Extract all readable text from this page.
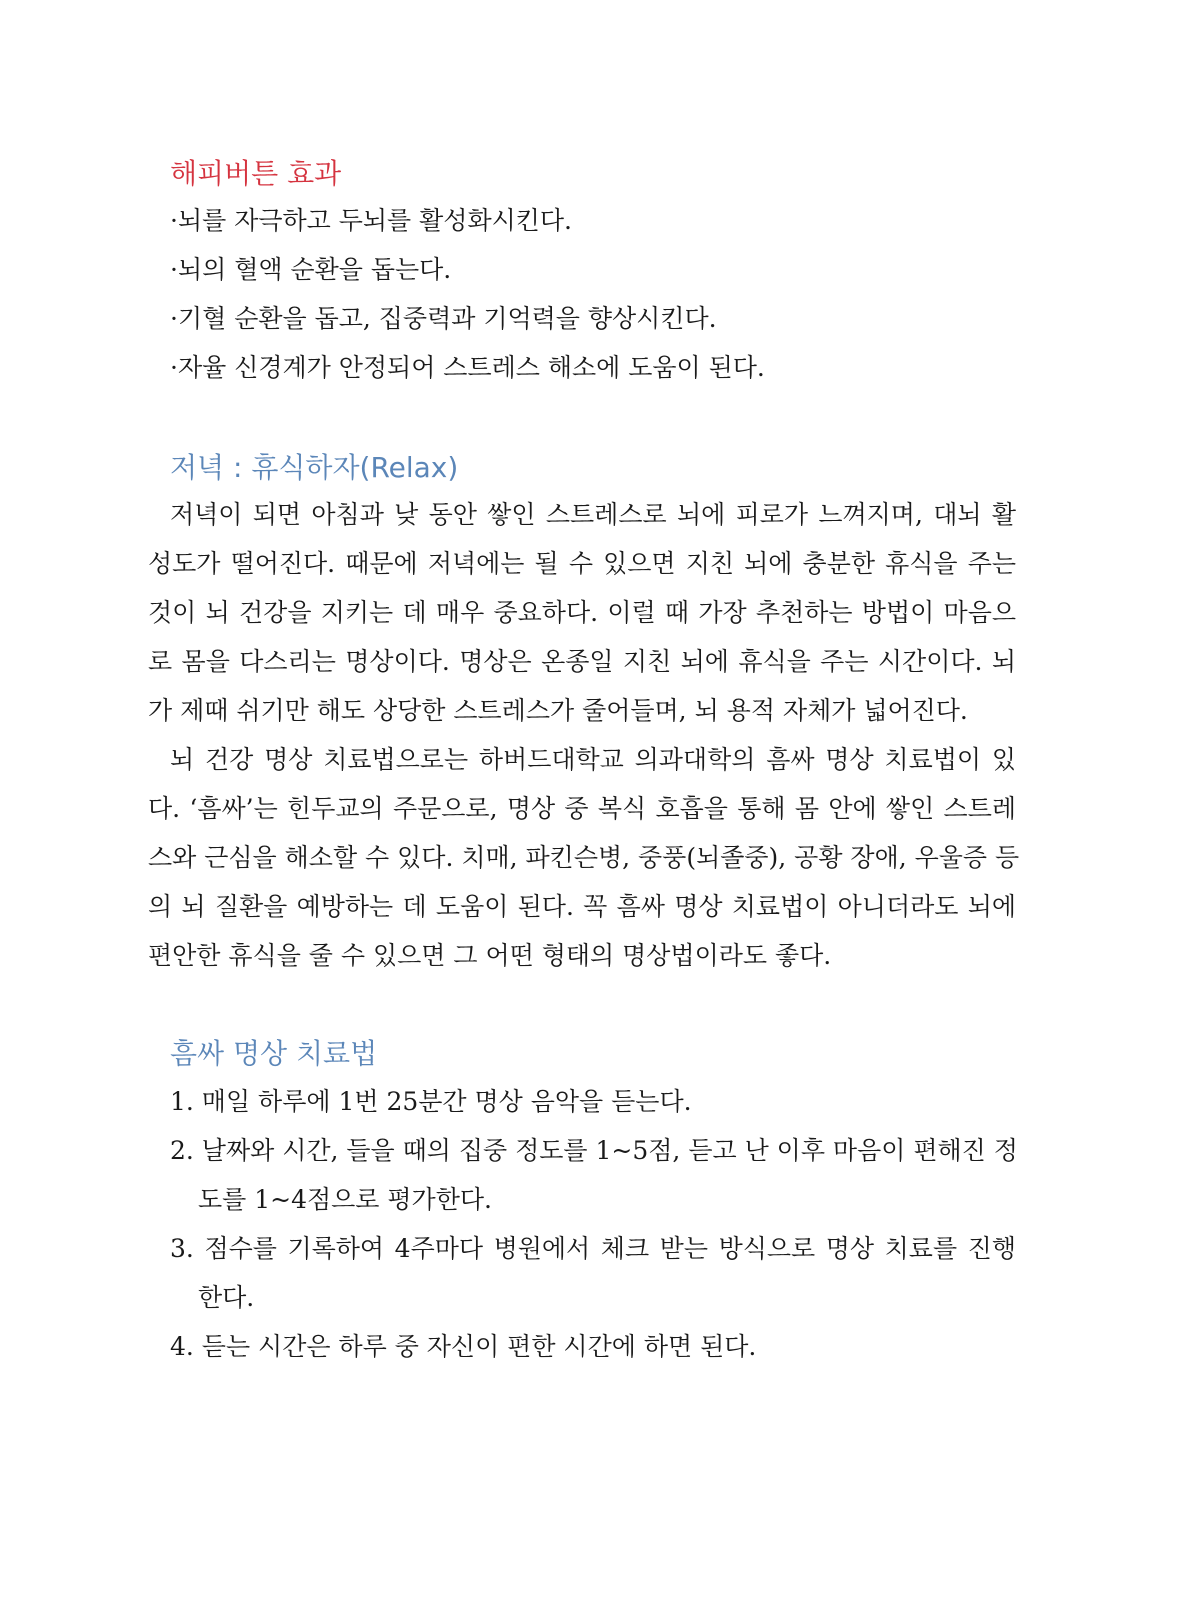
해피버튼 효과

·뇌를 자극하고 두뇌를 활성화시킨다.

·뇌의 혈액 순환을 돕는다.

·기혈 순환을 돕고, 집중력과 기억력을 향상시킨다.

·자율 신경계가 안정되어 스트레스 해소에 도움이 된다.

저녁 : 휴식하자(Relax)

저녁이 되면 아침과 낮 동안 쌓인 스트레스로 뇌에 피로가 느껴지며, 대뇌 활

성도가 떨어진다. 때문에 저녁에는 될 수 있으면 지친 뇌에 충분한 휴식을 주는

것이 뇌 건강을 지키는 데 매우 중요하다. 이럴 때 가장 추천하는 방법이 마음으

로 몸을 다스리는 명상이다. 명상은 온종일 지친 뇌에 휴식을 주는 시간이다. 뇌

가 제때 쉬기만 해도 상당한 스트레스가 줄어들며, 뇌 용적 자체가 넓어진다.

뇌 건강 명상 치료법으로는 하버드대학교 의과대학의 흠싸 명상 치료법이 있

다. ‘흠싸’는 힌두교의 주문으로, 명상 중 복식 호흡을 통해 몸 안에 쌓인 스트레

스와 근심을 해소할 수 있다. 치매, 파킨슨병, 중풍(뇌졸중), 공황 장애, 우울증 등

의 뇌 질환을 예방하는 데 도움이 된다. 꼭 흠싸 명상 치료법이 아니더라도 뇌에

편안한 휴식을 줄 수 있으면 그 어떤 형태의 명상법이라도 좋다.

흠싸 명상 치료법

1. 매일 하루에 1번 25분간 명상 음악을 듣는다.

2. 날짜와 시간, 들을 때의 집중 정도를 1~5점, 듣고 난 이후 마음이 편해진 정

도를 1~4점으로 평가한다.

3. 점수를 기록하여 4주마다 병원에서 체크 받는 방식으로 명상 치료를 진행

한다.

4. 듣는 시간은 하루 중 자신이 편한 시간에 하면 된다.
